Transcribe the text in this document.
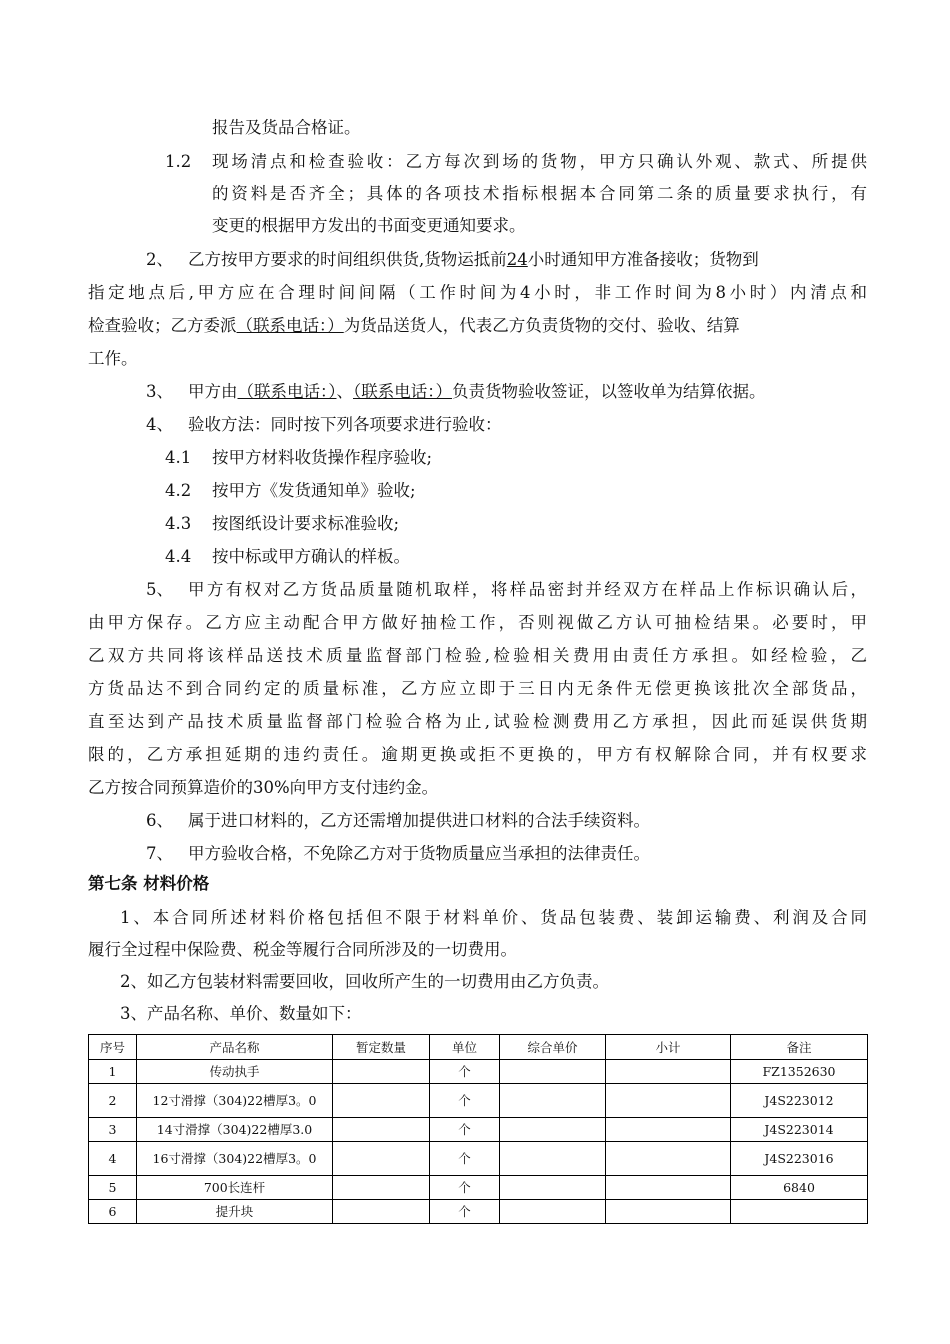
报告及货品合格证。
1.2 现场清点和检查验收：乙方每次到场的货物，甲方只确认外观、款式、所提供
的资料是否齐全；具体的各项技术指标根据本合同第二条的质量要求执行，有
变更的根据甲方发出的书面变更通知要求。
2、 乙方按甲方要求的时间组织供货,货物运抵前24小时通知甲方准备接收；货物到
指定地点后,甲方应在合理时间间隔（工作时间为4小时，非工作时间为8小时）内清点和
检查验收；乙方委派（联系电话：）为货品送货人，代表乙方负责货物的交付、验收、结算
工作。
3、 甲方由（联系电话：）、（联系电话：）负责货物验收签证，以签收单为结算依据。
4、 验收方法：同时按下列各项要求进行验收：
4.1 按甲方材料收货操作程序验收;
4.2 按甲方《发货通知单》验收;
4.3 按图纸设计要求标准验收;
4.4 按中标或甲方确认的样板。
5、 甲方有权对乙方货品质量随机取样，将样品密封并经双方在样品上作标识确认后，
由甲方保存。乙方应主动配合甲方做好抽检工作，否则视做乙方认可抽检结果。必要时，甲
乙双方共同将该样品送技术质量监督部门检验,检验相关费用由责任方承担。如经检验，乙
方货品达不到合同约定的质量标准，乙方应立即于三日内无条件无偿更换该批次全部货品，
直至达到产品技术质量监督部门检验合格为止,试验检测费用乙方承担，因此而延误供货期
限的，乙方承担延期的违约责任。逾期更换或拒不更换的，甲方有权解除合同，并有权要求
乙方按合同预算造价的30%向甲方支付违约金。
6、 属于进口材料的，乙方还需增加提供进口材料的合法手续资料。
7、 甲方验收合格，不免除乙方对于货物质量应当承担的法律责任。
第七条 材料价格
1、本合同所述材料价格包括但不限于材料单价、货品包装费、装卸运输费、利润及合同
履行全过程中保险费、税金等履行合同所涉及的一切费用。
2、如乙方包装材料需要回收，回收所产生的一切费用由乙方负责。
3、产品名称、单价、数量如下：
序号	产品名称	暂定数量	单位	综合单价	小计	备注
1	传动执手		个			FZ1352630
2	12寸滑撑（304)22槽厚3。0		个			J4S223012
3	14寸滑撑（304)22槽厚3.0		个			J4S223014
4	16寸滑撑（304)22槽厚3。0		个			J4S223016
5	700长连杆		个			6840
6	提升块		个			
